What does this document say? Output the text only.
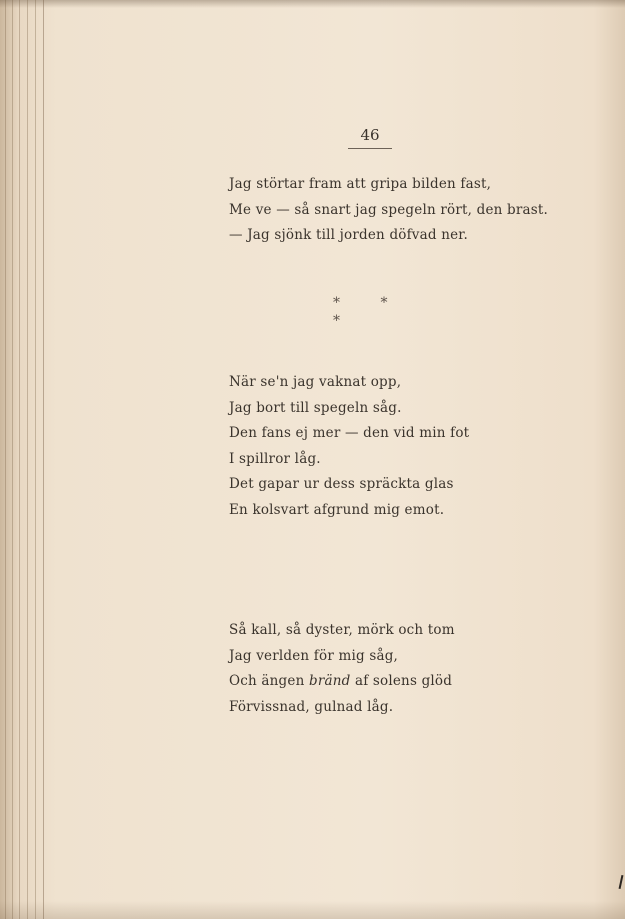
46

Jag störtar fram att gripa bilden fast,
Me ve — så snart jag spegeln rört, den brast.
— Jag sjönk till jorden döfvad ner.

* * *

När se'n jag vaknat opp,
Jag bort till spegeln såg.
Den fans ej mer — den vid min fot
I spillror låg.
Det gapar ur dess spräckta glas
En kolsvart afgrund mig emot.
Så kall, så dyster, mörk och tom
Jag verlden för mig såg,
Och ängen bränd af solens glöd
Förvissnad, gulnad låg.
